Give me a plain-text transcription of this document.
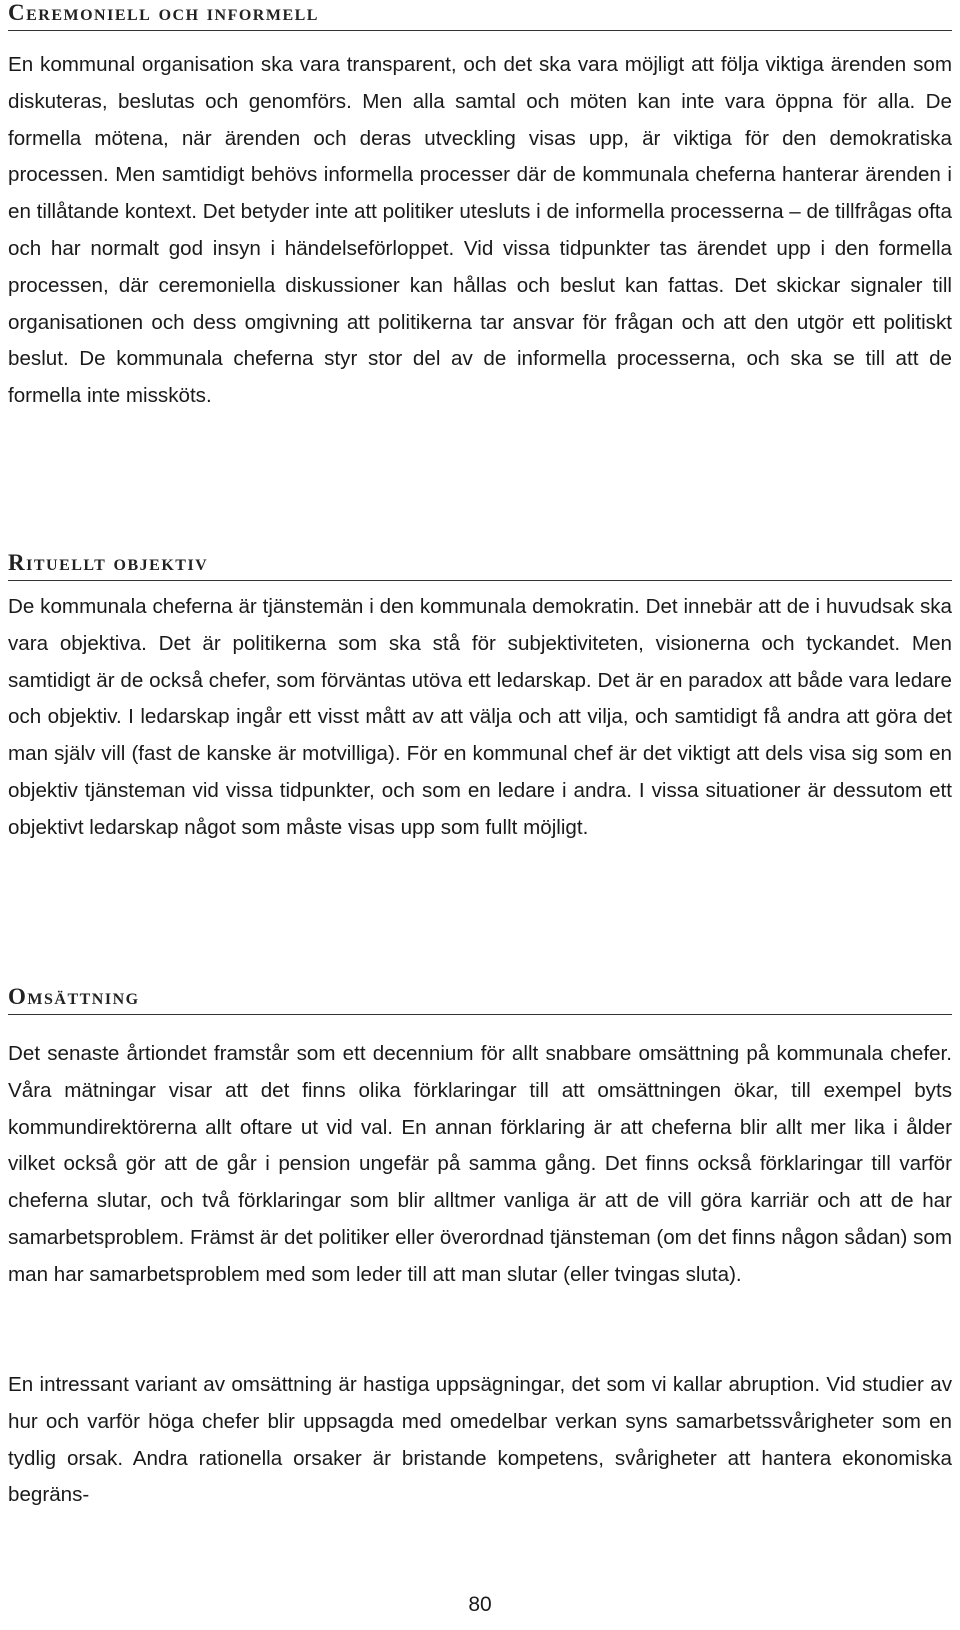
Ceremoniell och informell

En kommunal organisation ska vara transparent, och det ska vara möjligt att följa viktiga ärenden som diskuteras, beslutas och genomförs. Men alla samtal och möten kan inte vara öppna för alla. De formella mötena, när ärenden och deras utveckling visas upp, är viktiga för den demokratiska processen. Men samtidigt behövs informella processer där de kommunala cheferna hanterar ärenden i en tillåtande kontext. Det betyder inte att politiker utesluts i de informella processerna – de tillfrågas ofta och har normalt god insyn i händelseförloppet. Vid vissa tidpunkter tas ärendet upp i den formella processen, där ceremoniella diskussioner kan hållas och beslut kan fattas. Det skickar signaler till organisationen och dess omgivning att politikerna tar ansvar för frågan och att den utgör ett politiskt beslut. De kommunala cheferna styr stor del av de informella processerna, och ska se till att de formella inte missköts.

Rituellt objektiv

De kommunala cheferna är tjänstemän i den kommunala demokratin. Det innebär att de i huvudsak ska vara objektiva. Det är politikerna som ska stå för subjektiviteten, visionerna och tyckandet. Men samtidigt är de också chefer, som förväntas utöva ett ledarskap. Det är en paradox att både vara ledare och objektiv. I ledarskap ingår ett visst mått av att välja och att vilja, och samtidigt få andra att göra det man själv vill (fast de kanske är motvilliga). För en kommunal chef är det viktigt att dels visa sig som en objektiv tjänsteman vid vissa tidpunkter, och som en ledare i andra. I vissa situationer är dessutom ett objektivt ledarskap något som måste visas upp som fullt möjligt.

Omsättning

Det senaste årtiondet framstår som ett decennium för allt snabbare omsättning på kommunala chefer. Våra mätningar visar att det finns olika förklaringar till att omsättningen ökar, till exempel byts kommundirektörerna allt oftare ut vid val. En annan förklaring är att cheferna blir allt mer lika i ålder vilket också gör att de går i pension ungefär på samma gång. Det finns också förklaringar till varför cheferna slutar, och två förklaringar som blir alltmer vanliga är att de vill göra karriär och att de har samarbetsproblem. Främst är det politiker eller överordnad tjänsteman (om det finns någon sådan) som man har samarbetsproblem med som leder till att man slutar (eller tvingas sluta).

En intressant variant av omsättning är hastiga uppsägningar, det som vi kallar abruption. Vid studier av hur och varför höga chefer blir uppsagda med omedelbar verkan syns samarbetssvårigheter som en tydlig orsak. Andra rationella orsaker är bristande kompetens, svårigheter att hantera ekonomiska begräns-

80
